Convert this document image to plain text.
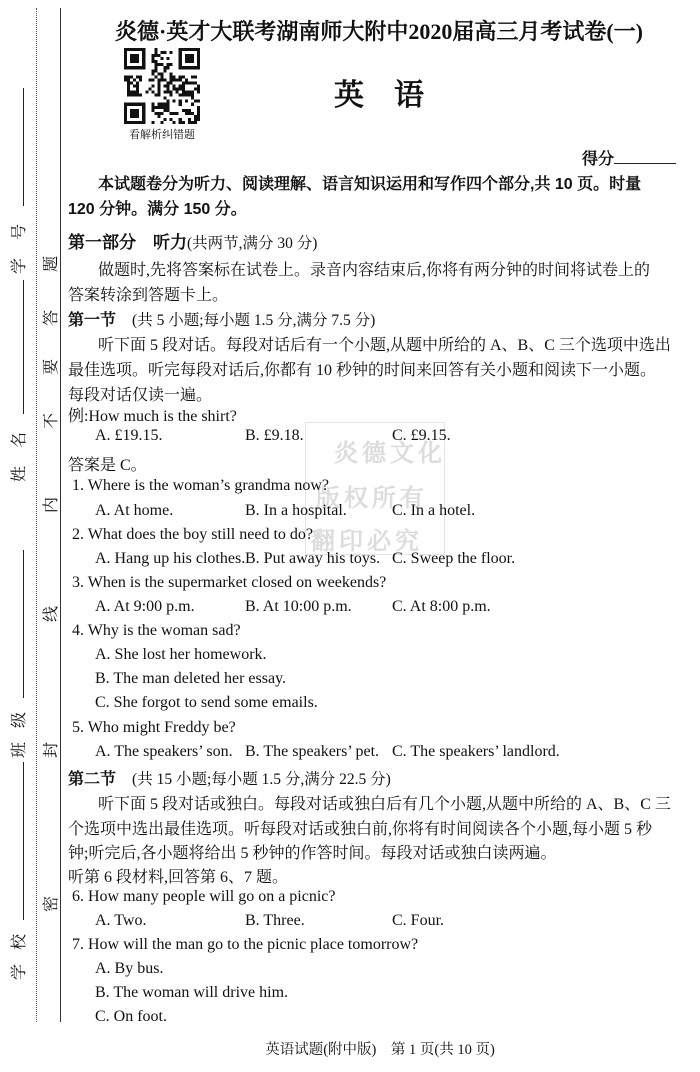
学校
班级
姓名
学号
密
封
线
内
不
要
答
题
炎德文化
版权所有
翻印必究
炎德·英才大联考湖南师大附中2020届高三月考试卷(一)
看解析纠错题
英　语
得分
本试题卷分为听力、阅读理解、语言知识运用和写作四个部分,共 10 页。时量
120 分钟。满分 150 分。
第一部分　听力(共两节,满分 30 分)
做题时,先将答案标在试卷上。录音内容结束后,你将有两分钟的时间将试卷上的
答案转涂到答题卡上。
第一节　 (共 5 小题;每小题 1.5 分,满分 7.5 分)
听下面 5 段对话。每段对话后有一个小题,从题中所给的 A、B、C 三个选项中选出
最佳选项。听完每段对话后,你都有 10 秒钟的时间来回答有关小题和阅读下一小题。
每段对话仅读一遍。
例:How much is the shirt?
A. £19.15.	B. £9.18.	C. £9.15.
答案是 C。
1. Where is the woman’s grandma now?
A. At home.	B. In a hospital.	C. In a hotel.
2. What does the boy still need to do?
A. Hang up his clothes. B. Put away his toys. C. Sweep the floor.
3. When is the supermarket closed on weekends?
A. At 9:00 p.m.	B. At 10:00 p.m.	C. At 8:00 p.m.
4. Why is the woman sad?
A. She lost her homework.
B. The man deleted her essay.
C. She forgot to send some emails.
5. Who might Freddy be?
A. The speakers’ son. B. The speakers’ pet. C. The speakers’ landlord.
第二节　 (共 15 小题;每小题 1.5 分,满分 22.5 分)
听下面 5 段对话或独白。每段对话或独白后有几个小题,从题中所给的 A、B、C 三
个选项中选出最佳选项。听每段对话或独白前,你将有时间阅读各个小题,每小题 5 秒
钟;听完后,各小题将给出 5 秒钟的作答时间。每段对话或独白读两遍。
听第 6 段材料,回答第 6、7 题。
6. How many people will go on a picnic?
A. Two.	B. Three.	C. Four.
7. How will the man go to the picnic place tomorrow?
A. By bus.
B. The woman will drive him.
C. On foot.
英语试题(附中版)　第 1 页(共 10 页)
